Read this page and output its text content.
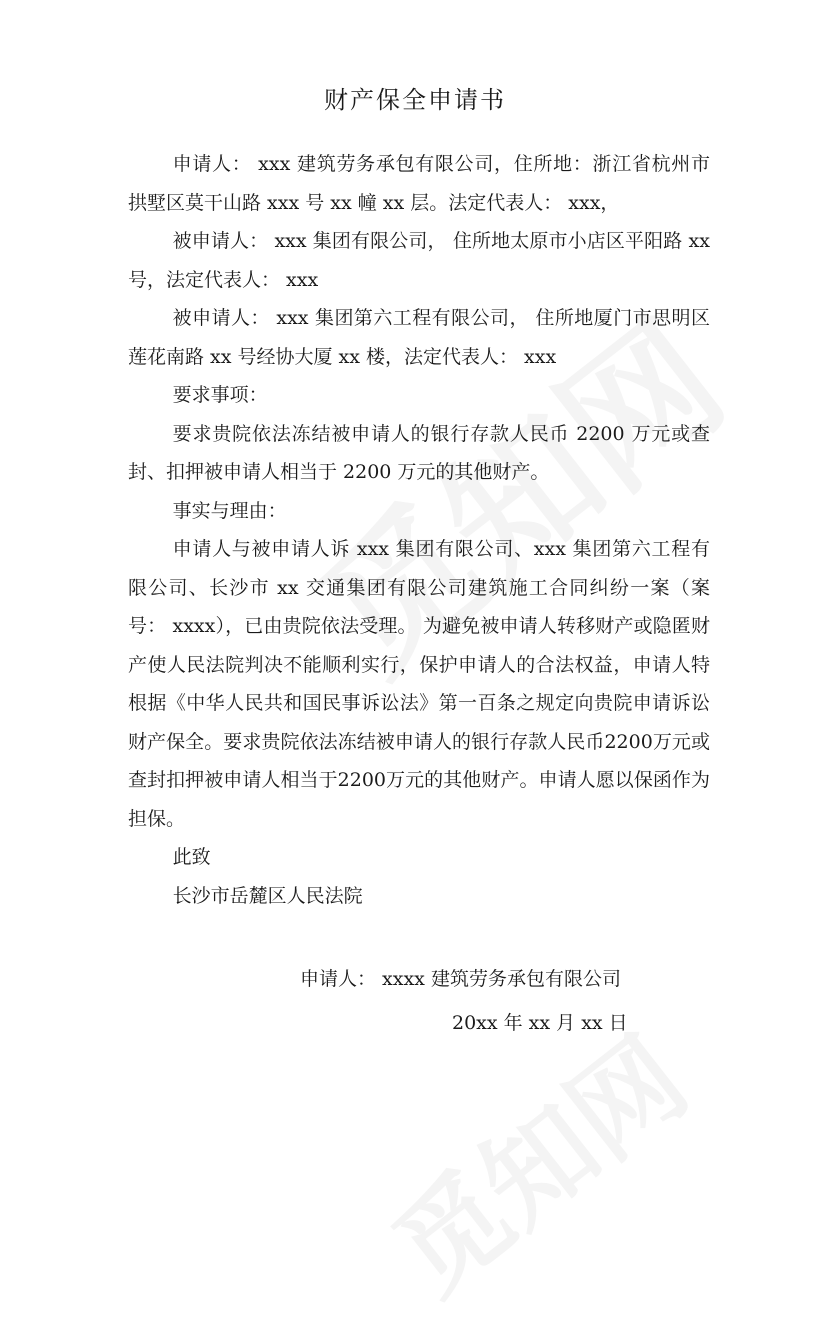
财产保全申请书

申请人： xxx 建筑劳务承包有限公司，住所地：浙江省杭州市拱墅区莫干山路 xxx 号 xx 幢 xx 层。法定代表人： xxx，

被申请人： xxx 集团有限公司， 住所地太原市小店区平阳路 xx 号，法定代表人： xxx

被申请人： xxx 集团第六工程有限公司， 住所地厦门市思明区莲花南路 xx 号经协大厦 xx 楼，法定代表人： xxx

要求事项：

要求贵院依法冻结被申请人的银行存款人民币 2200 万元或查封、扣押被申请人相当于 2200 万元的其他财产。

事实与理由：

申请人与被申请人诉 xxx 集团有限公司、xxx 集团第六工程有限公司、长沙市 xx 交通集团有限公司建筑施工合同纠纷一案（案号： xxxx），已由贵院依法受理。 为避免被申请人转移财产或隐匿财产使人民法院判决不能顺利实行，保护申请人的合法权益，申请人特根据《中华人民共和国民事诉讼法》第一百条之规定向贵院申请诉讼财产保全。要求贵院依法冻结被申请人的银行存款人民币2200万元或查封扣押被申请人相当于2200万元的其他财产。申请人愿以保函作为担保。

此致

长沙市岳麓区人民法院

申请人： xxxx 建筑劳务承包有限公司
20xx 年 xx 月 xx 日
